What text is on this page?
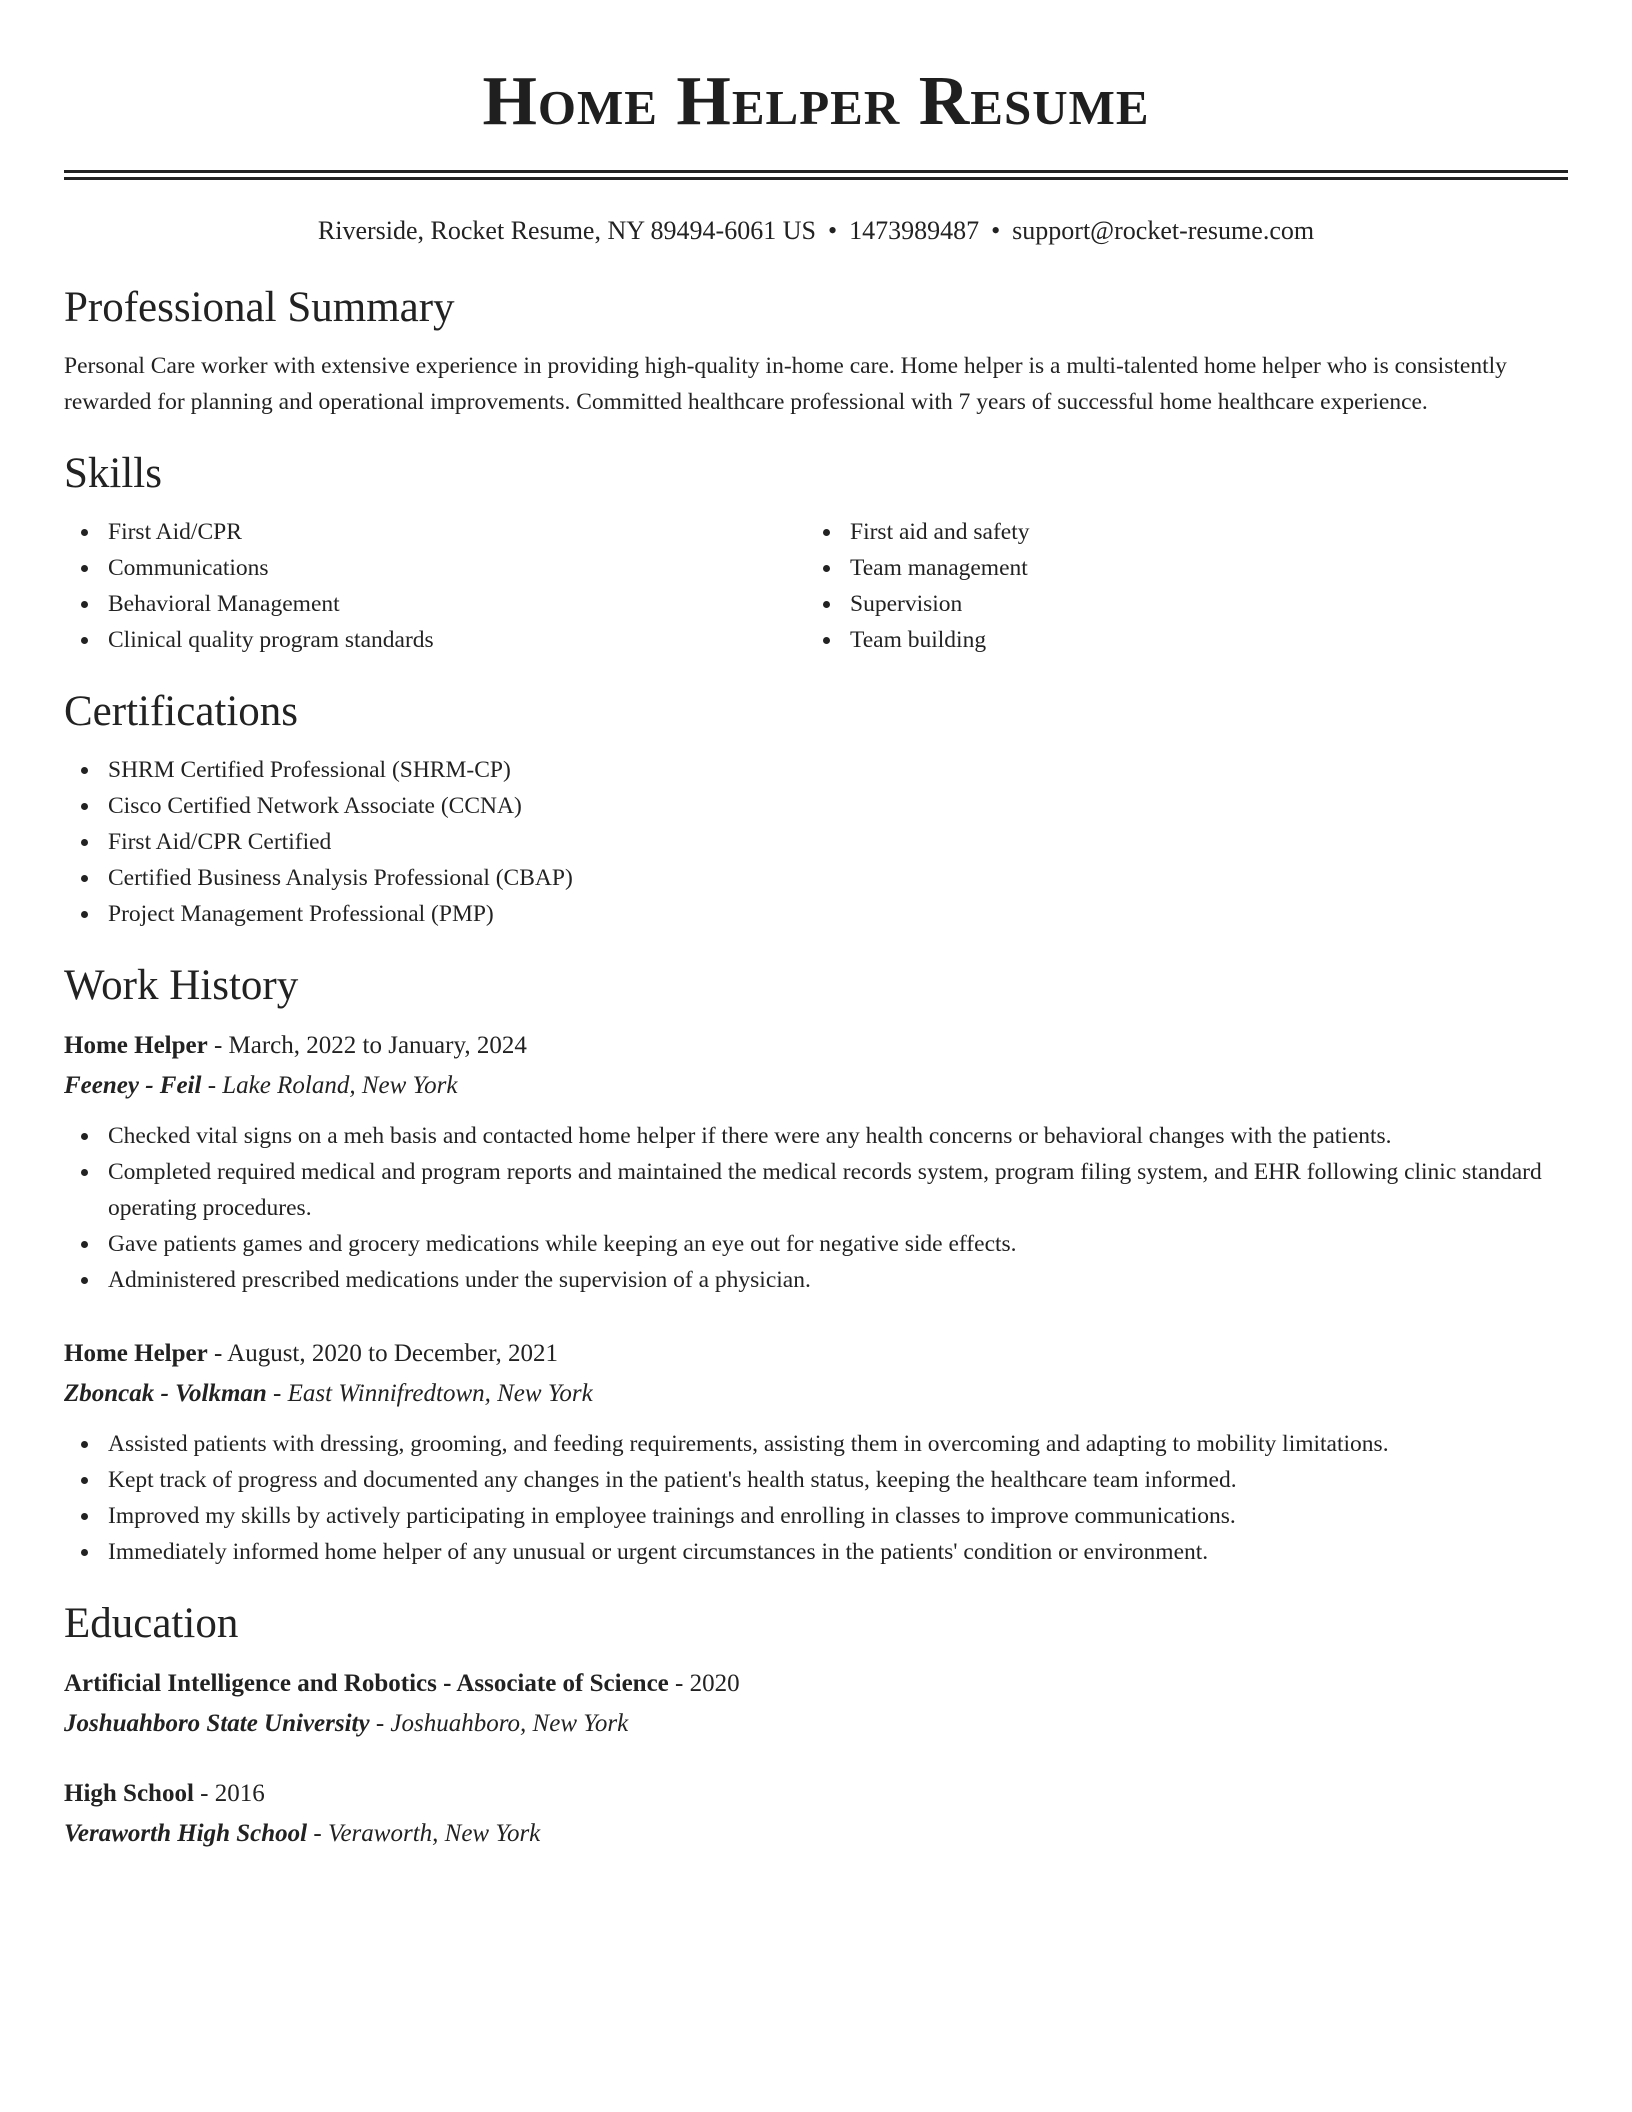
Home Helper Resume
Riverside, Rocket Resume, NY 89494-6061 US • 1473989487 • support@rocket-resume.com
Professional Summary
Personal Care worker with extensive experience in providing high-quality in-home care. Home helper is a multi-talented home helper who is consistently rewarded for planning and operational improvements. Committed healthcare professional with 7 years of successful home healthcare experience.
Skills
First Aid/CPR
Communications
Behavioral Management
Clinical quality program standards
First aid and safety
Team management
Supervision
Team building
Certifications
SHRM Certified Professional (SHRM-CP)
Cisco Certified Network Associate (CCNA)
First Aid/CPR Certified
Certified Business Analysis Professional (CBAP)
Project Management Professional (PMP)
Work History
Home Helper - March, 2022 to January, 2024
Feeney - Feil - Lake Roland, New York
Checked vital signs on a meh basis and contacted home helper if there were any health concerns or behavioral changes with the patients.
Completed required medical and program reports and maintained the medical records system, program filing system, and EHR following clinic standard operating procedures.
Gave patients games and grocery medications while keeping an eye out for negative side effects.
Administered prescribed medications under the supervision of a physician.
Home Helper - August, 2020 to December, 2021
Zboncak - Volkman - East Winnifredtown, New York
Assisted patients with dressing, grooming, and feeding requirements, assisting them in overcoming and adapting to mobility limitations.
Kept track of progress and documented any changes in the patient's health status, keeping the healthcare team informed.
Improved my skills by actively participating in employee trainings and enrolling in classes to improve communications.
Immediately informed home helper of any unusual or urgent circumstances in the patients' condition or environment.
Education
Artificial Intelligence and Robotics - Associate of Science - 2020
Joshuahboro State University - Joshuahboro, New York
High School - 2016
Veraworth High School - Veraworth, New York
